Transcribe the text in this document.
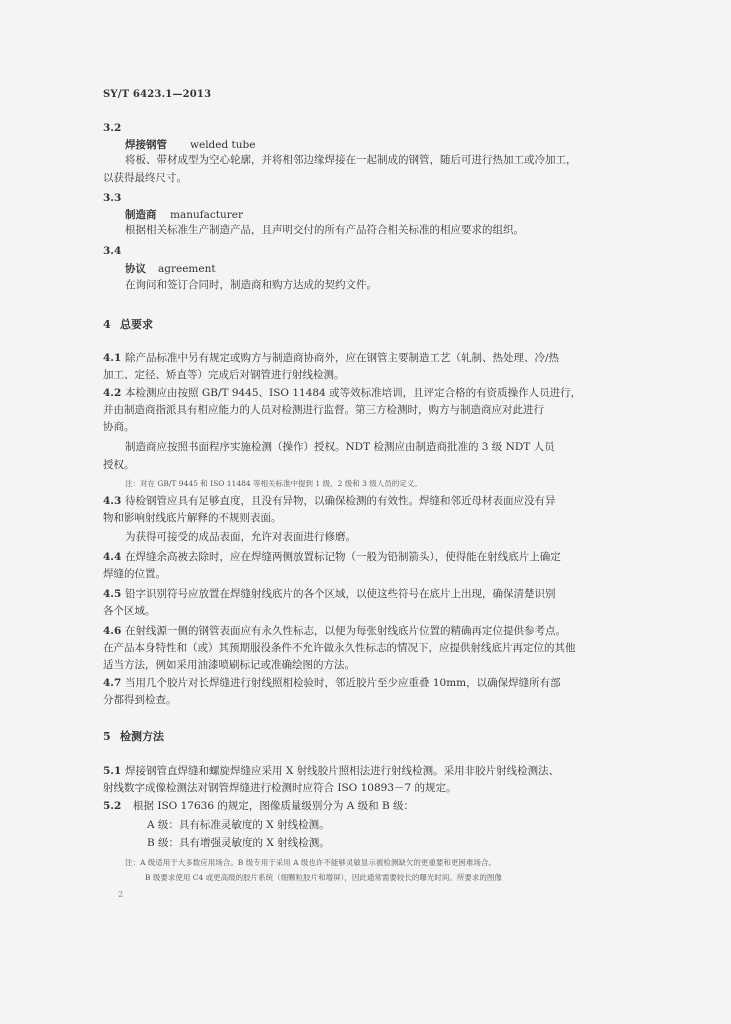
SY/T 6423.1—2013
3.2
焊接钢管 welded tube
将板、带材成型为空心轮廓，并将相邻边缘焊接在一起制成的钢管，随后可进行热加工或冷加工，
以获得最终尺寸。
3.3
制造商 manufacturer
根据相关标准生产制造产品，且声明交付的所有产品符合相关标准的相应要求的组织。
3.4
协议 agreement
在询问和签订合同时，制造商和购方达成的契约文件。
4 总要求
4.1 除产品标准中另有规定或购方与制造商协商外，应在钢管主要制造工艺（轧制、热处理、冷/热
加工、定径、矫直等）完成后对钢管进行射线检测。
4.2 本检测应由按照 GB/T 9445、ISO 11484 或等效标准培训，且评定合格的有资质操作人员进行，
并由制造商指派具有相应能力的人员对检测进行监督。第三方检测时，购方与制造商应对此进行
协商。
制造商应按照书面程序实施检测（操作）授权。NDT 检测应由制造商批准的 3 级 NDT 人员
授权。
注：对在 GB/T 9445 和 ISO 11484 等相关标准中提到 1 级、2 级和 3 级人员的定义。
4.3 待检钢管应具有足够直度，且没有异物，以确保检测的有效性。焊缝和邻近母材表面应没有异
物和影响射线底片解释的不规则表面。
为获得可接受的成品表面，允许对表面进行修磨。
4.4 在焊缝余高被去除时，应在焊缝两侧放置标记物（一般为铅制箭头），使得能在射线底片上确定
焊缝的位置。
4.5 铅字识别符号应放置在焊缝射线底片的各个区域，以使这些符号在底片上出现，确保清楚识别
各个区域。
4.6 在射线源一侧的钢管表面应有永久性标志，以便为每张射线底片位置的精确再定位提供参考点。
在产品本身特性和（或）其预期服役条件不允许做永久性标志的情况下，应提供射线底片再定位的其他
适当方法，例如采用油漆喷刷标记或准确绘图的方法。
4.7 当用几个胶片对长焊缝进行射线照相检验时，邻近胶片至少应重叠 10mm，以确保焊缝所有部
分都得到检查。
5 检测方法
5.1 焊接钢管直焊缝和螺旋焊缝应采用 X 射线胶片照相法进行射线检测。采用非胶片射线检测法、
射线数字成像检测法对钢管焊缝进行检测时应符合 ISO 10893－7 的规定。
5.2 根据 ISO 17636 的规定，图像质量级别分为 A 级和 B 级：
A 级：具有标准灵敏度的 X 射线检测。
B 级：具有增强灵敏度的 X 射线检测。
注：A 级适用于大多数应用场合。B 级专用于采用 A 级也许不能够灵敏显示被检测缺欠的更重要和更困难场合。
B 级要求使用 C4 或更高级的胶片系统（细颗粒胶片和增屏），因此通常需要较长的曝光时间。所要求的图像
2
